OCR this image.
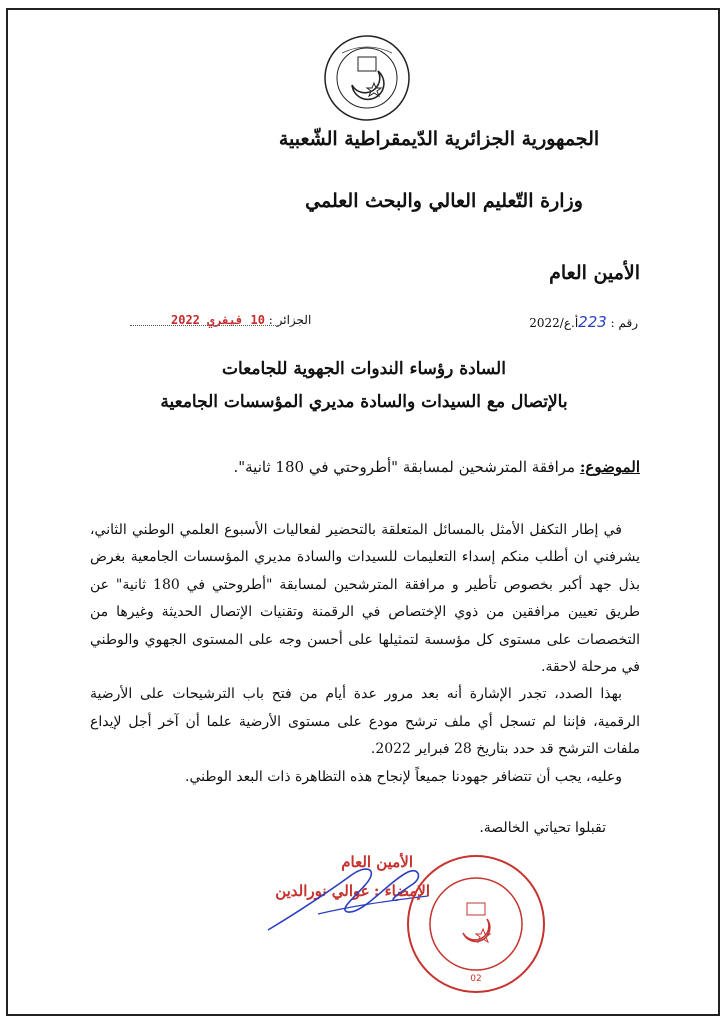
الجمهورية الجزائرية الدّيمقراطية الشّعبية
وزارة التّعليم العالي والبحث العلمي
الأمين العام
رقم : 223أ.ع/2022
الجزائر : 10 فيفري 2022
السادة رؤساء الندوات الجهوية للجامعات
بالإتصال مع السيدات والسادة مديري المؤسسات الجامعية
الموضوع: مرافقة المترشحين لمسابقة "أطروحتي في 180 ثانية".

في إطار التكفل الأمثل بالمسائل المتعلقة بالتحضير لفعاليات الأسبوع العلمي الوطني الثاني، يشرفني ان أطلب منكم إسداء التعليمات للسيدات والسادة مديري المؤسسات الجامعية بغرض بذل جهد أكبر بخصوص تأطير و مرافقة المترشحين لمسابقة "أطروحتي في 180 ثانية" عن طريق تعيين مرافقين من ذوي الإختصاص في الرقمنة وتقنيات الإتصال الحديثة وغيرها من التخصصات على مستوى كل مؤسسة لتمثيلها على أحسن وجه على المستوى الجهوي والوطني في مرحلة لاحقة.

بهذا الصدد، تجدر الإشارة أنه بعد مرور عدة أيام من فتح باب الترشيحات على الأرضية الرقمية، فإننا لم تسجل أي ملف ترشح مودع على مستوى الأرضية علما أن آخر أجل لإيداع ملفات الترشح قد حدد بتاريخ 28 فبراير 2022.

وعليه، يجب أن تتضافر جهودنا جميعاً لإنجاح هذه التظاهرة ذات البعد الوطني.

تقبلوا تحياتي الخالصة.
الأمين العام
الإمضاء : غوالي نورالدين
02
